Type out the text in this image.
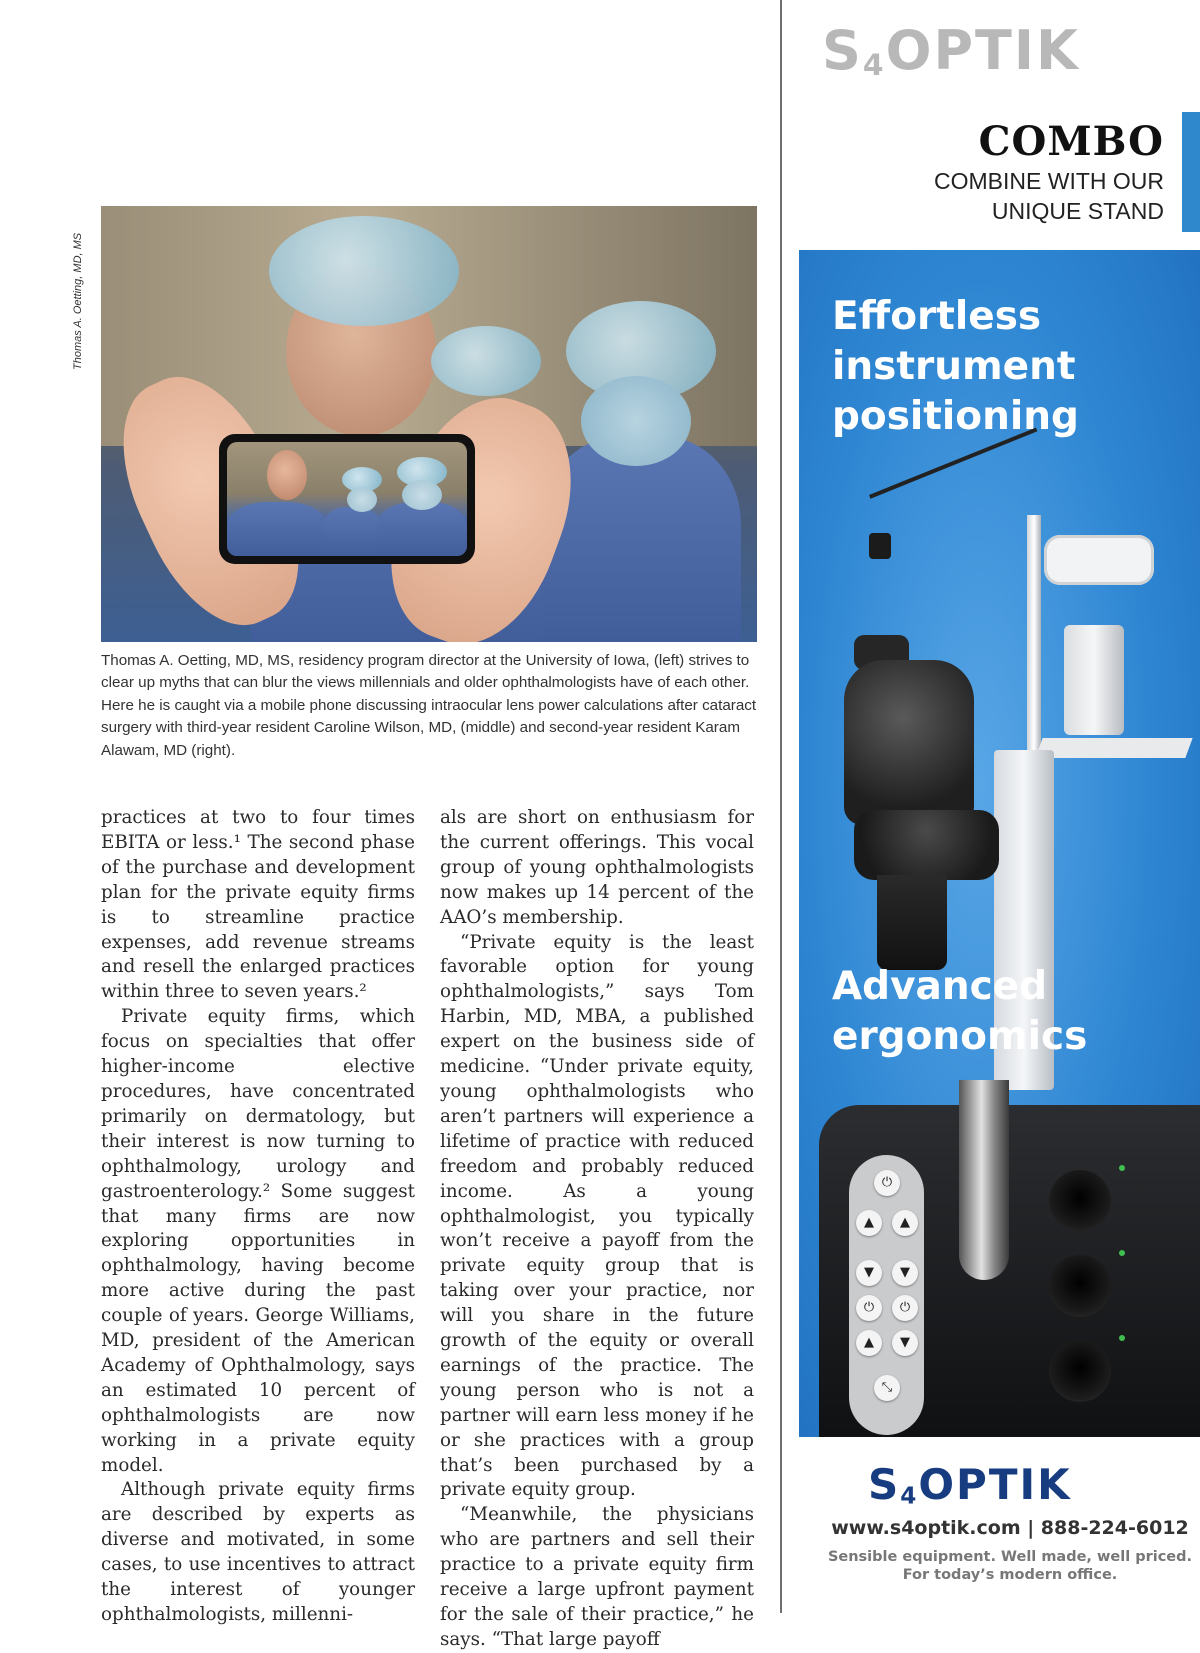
Thomas A. Oetting, MD, MS

Thomas A. Oetting, MD, MS, residency program director at the University of Iowa, (left) strives to clear up myths that can blur the views millennials and older ophthalmologists have of each other. Here he is caught via a mobile phone discussing intraocular lens power calculations after cataract surgery with third-year resident Caroline Wilson, MD, (middle) and second-year resident Karam Alawam, MD (right).

practices at two to four times EBITA or less.¹ The second phase of the purchase and development plan for the private equity firms is to streamline practice expenses, add revenue streams and resell the enlarged practices within three to seven years.²

Private equity firms, which focus on specialties that offer higher-income elective procedures, have concentrated primarily on dermatology, but their interest is now turning to ophthalmology, urology and gastroenterology.² Some suggest that many firms are now exploring opportunities in ophthalmology, having become more active during the past couple of years. George Williams, MD, president of the American Academy of Ophthalmology, says an estimated 10 percent of ophthalmologists are now working in a private equity model.

Although private equity firms are described by experts as diverse and motivated, in some cases, to use incentives to attract the interest of younger ophthalmologists, millenni-

als are short on enthusiasm for the current offerings. This vocal group of young ophthalmologists now makes up 14 percent of the AAO’s membership.

“Private equity is the least favorable option for young ophthalmologists,” says Tom Harbin, MD, MBA, a published expert on the business side of medicine. “Under private equity, young ophthalmologists who aren’t partners will experience a lifetime of practice with reduced freedom and probably reduced income. As a young ophthalmologist, you typically won’t receive a payoff from the private equity group that is taking over your practice, nor will you share in the future growth of the equity or overall earnings of the practice. The young person who is not a partner will earn less money if he or she practices with a group that’s been purchased by a private equity group.

“Meanwhile, the physicians who are partners and sell their practice to a private equity firm receive a large upfront payment for the sale of their practice,” he says. “That large payoff

$S_4OPTIK$
COMBO
COMBINE WITH OUR
UNIQUE STAND
Effortless
instrument
positioning
Advanced
ergonomics
⏻
▲	▲
▼	▼
⏻	⏻
▲	▼
⤡
$S_4OPTIK$
www.s4optik.com | 888-224-6012
Sensible equipment. Well made, well priced.
For today’s modern office.
